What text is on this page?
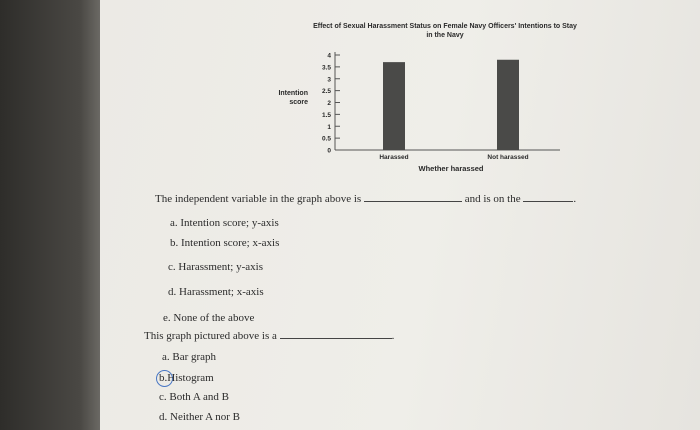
Effect of Sexual Harassment Status on Female Navy Officers' Intentions to Stay in the Navy
Intention score
0
0.5
1
1.5
2
2.5
3
3.5
4
Harassed	Not harassed
Whether harassed
The independent variable in the graph above is	and is on the	.
a. Intention score; y-axis
b. Intention score; x-axis
c. Harassment; y-axis
d. Harassment; x-axis
e. None of the above
This graph pictured above is a	.
a. Bar graph
b.Histogram
c. Both A and B
d. Neither A nor B
